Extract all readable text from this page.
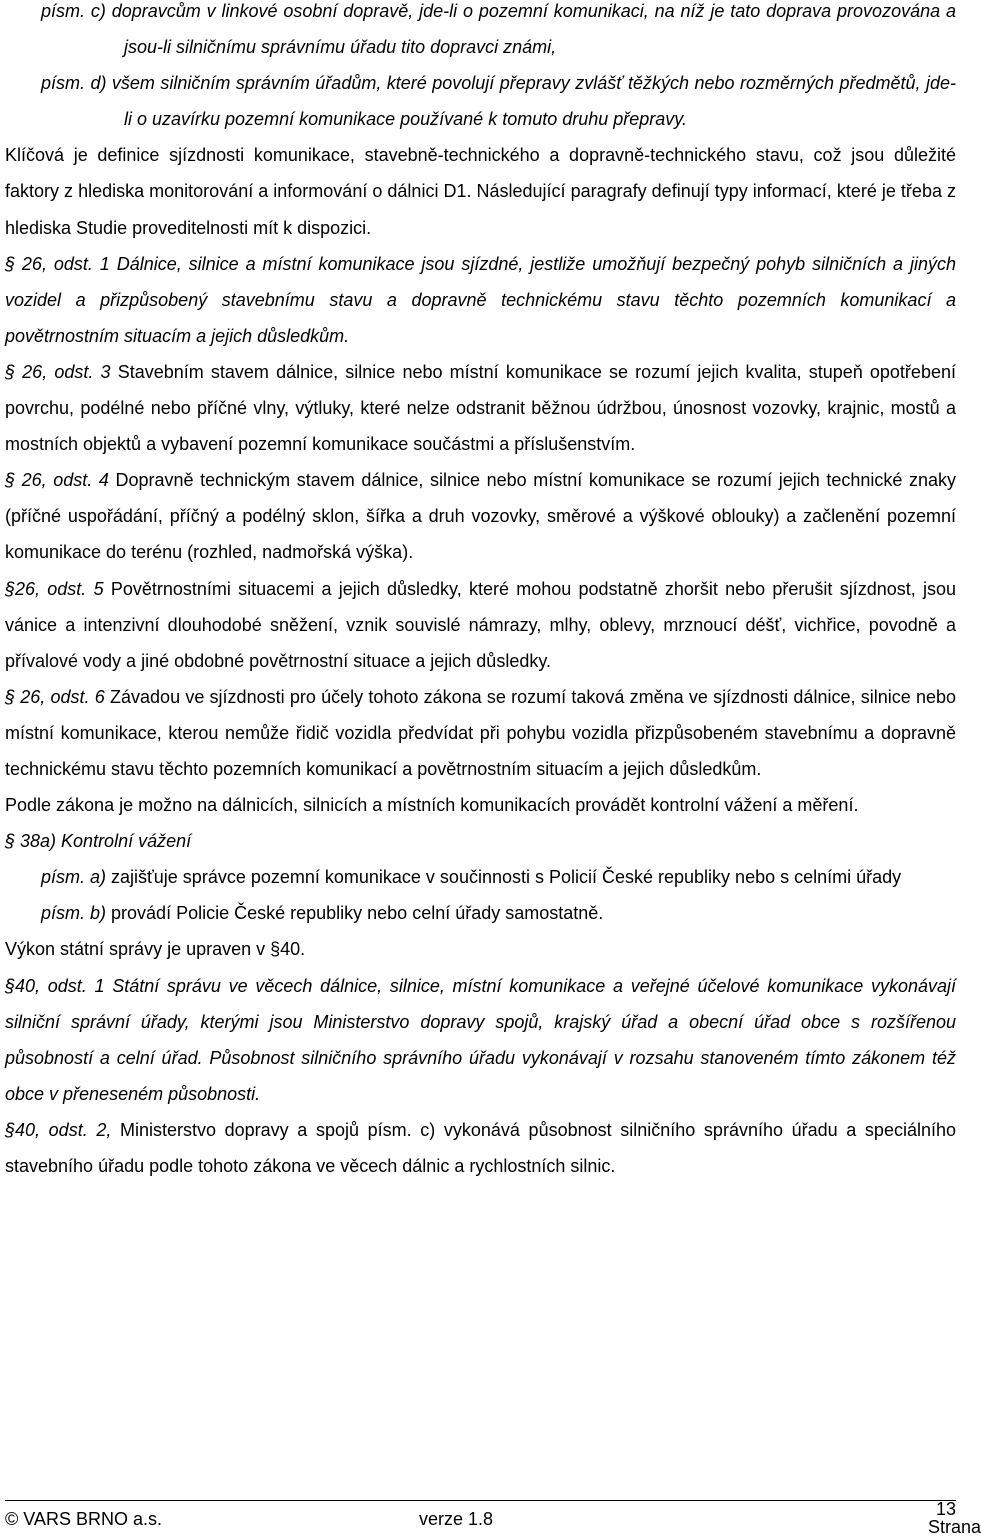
písm. c) dopravcům v linkové osobní dopravě, jde-li o pozemní komunikaci, na níž je tato doprava provozována a jsou-li silničnímu správnímu úřadu tito dopravci známi,

písm. d) všem silničním správním úřadům, které povolují přepravy zvlášť těžkých nebo rozměrných předmětů, jde-li o uzavírku pozemní komunikace používané k tomuto druhu přepravy.

Klíčová je definice sjízdnosti komunikace, stavebně-technického a dopravně-technického stavu, což jsou důležité faktory z hlediska monitorování a informování o dálnici D1. Následující paragrafy definují typy informací, které je třeba z hlediska Studie proveditelnosti mít k dispozici.

§ 26, odst. 1 Dálnice, silnice a místní komunikace jsou sjízdné, jestliže umožňují bezpečný pohyb silničních a jiných vozidel a přizpůsobený stavebnímu stavu a dopravně technickému stavu těchto pozemních komunikací a povětrnostním situacím a jejich důsledkům.

§ 26, odst. 3 Stavebním stavem dálnice, silnice nebo místní komunikace se rozumí jejich kvalita, stupeň opotřebení povrchu, podélné nebo příčné vlny, výtluky, které nelze odstranit běžnou údržbou, únosnost vozovky, krajnic, mostů a mostních objektů a vybavení pozemní komunikace součástmi a příslušenstvím.

§ 26, odst. 4 Dopravně technickým stavem dálnice, silnice nebo místní komunikace se rozumí jejich technické znaky (příčné uspořádání, příčný a podélný sklon, šířka a druh vozovky, směrové a výškové oblouky) a začlenění pozemní komunikace do terénu (rozhled, nadmořská výška).

§26, odst. 5 Povětrnostními situacemi a jejich důsledky, které mohou podstatně zhoršit nebo přerušit sjízdnost, jsou vánice a intenzivní dlouhodobé sněžení, vznik souvislé námrazy, mlhy, oblevy, mrznoucí déšť, vichřice, povodně a přívalové vody a jiné obdobné povětrnostní situace a jejich důsledky.

§ 26, odst. 6 Závadou ve sjízdnosti pro účely tohoto zákona se rozumí taková změna ve sjízdnosti dálnice, silnice nebo místní komunikace, kterou nemůže řidič vozidla předvídat při pohybu vozidla přizpůsobeném stavebnímu a dopravně technickému stavu těchto pozemních komunikací a povětrnostním situacím a jejich důsledkům.

Podle zákona je možno na dálnicích, silnicích a místních komunikacích provádět kontrolní vážení a měření.

§ 38a) Kontrolní vážení

písm. a) zajišťuje správce pozemní komunikace v součinnosti s Policií České republiky nebo s celními úřady

písm. b) provádí Policie České republiky nebo celní úřady samostatně.

Výkon státní správy je upraven v §40.

§40, odst. 1 Státní správu ve věcech dálnice, silnice, místní komunikace a veřejné účelové komunikace vykonávají silniční správní úřady, kterými jsou Ministerstvo dopravy spojů, krajský úřad a obecní úřad obce s rozšířenou působností a celní úřad. Působnost silničního správního úřadu vykonávají v rozsahu stanoveném tímto zákonem též obce v přeneseném působnosti.

§40, odst. 2, Ministerstvo dopravy a spojů písm. c) vykonává působnost silničního správního úřadu a speciálního stavebního úřadu podle tohoto zákona ve věcech dálnic a rychlostních silnic.

© VARS BRNO a.s.	verze 1.8	Strana
13
